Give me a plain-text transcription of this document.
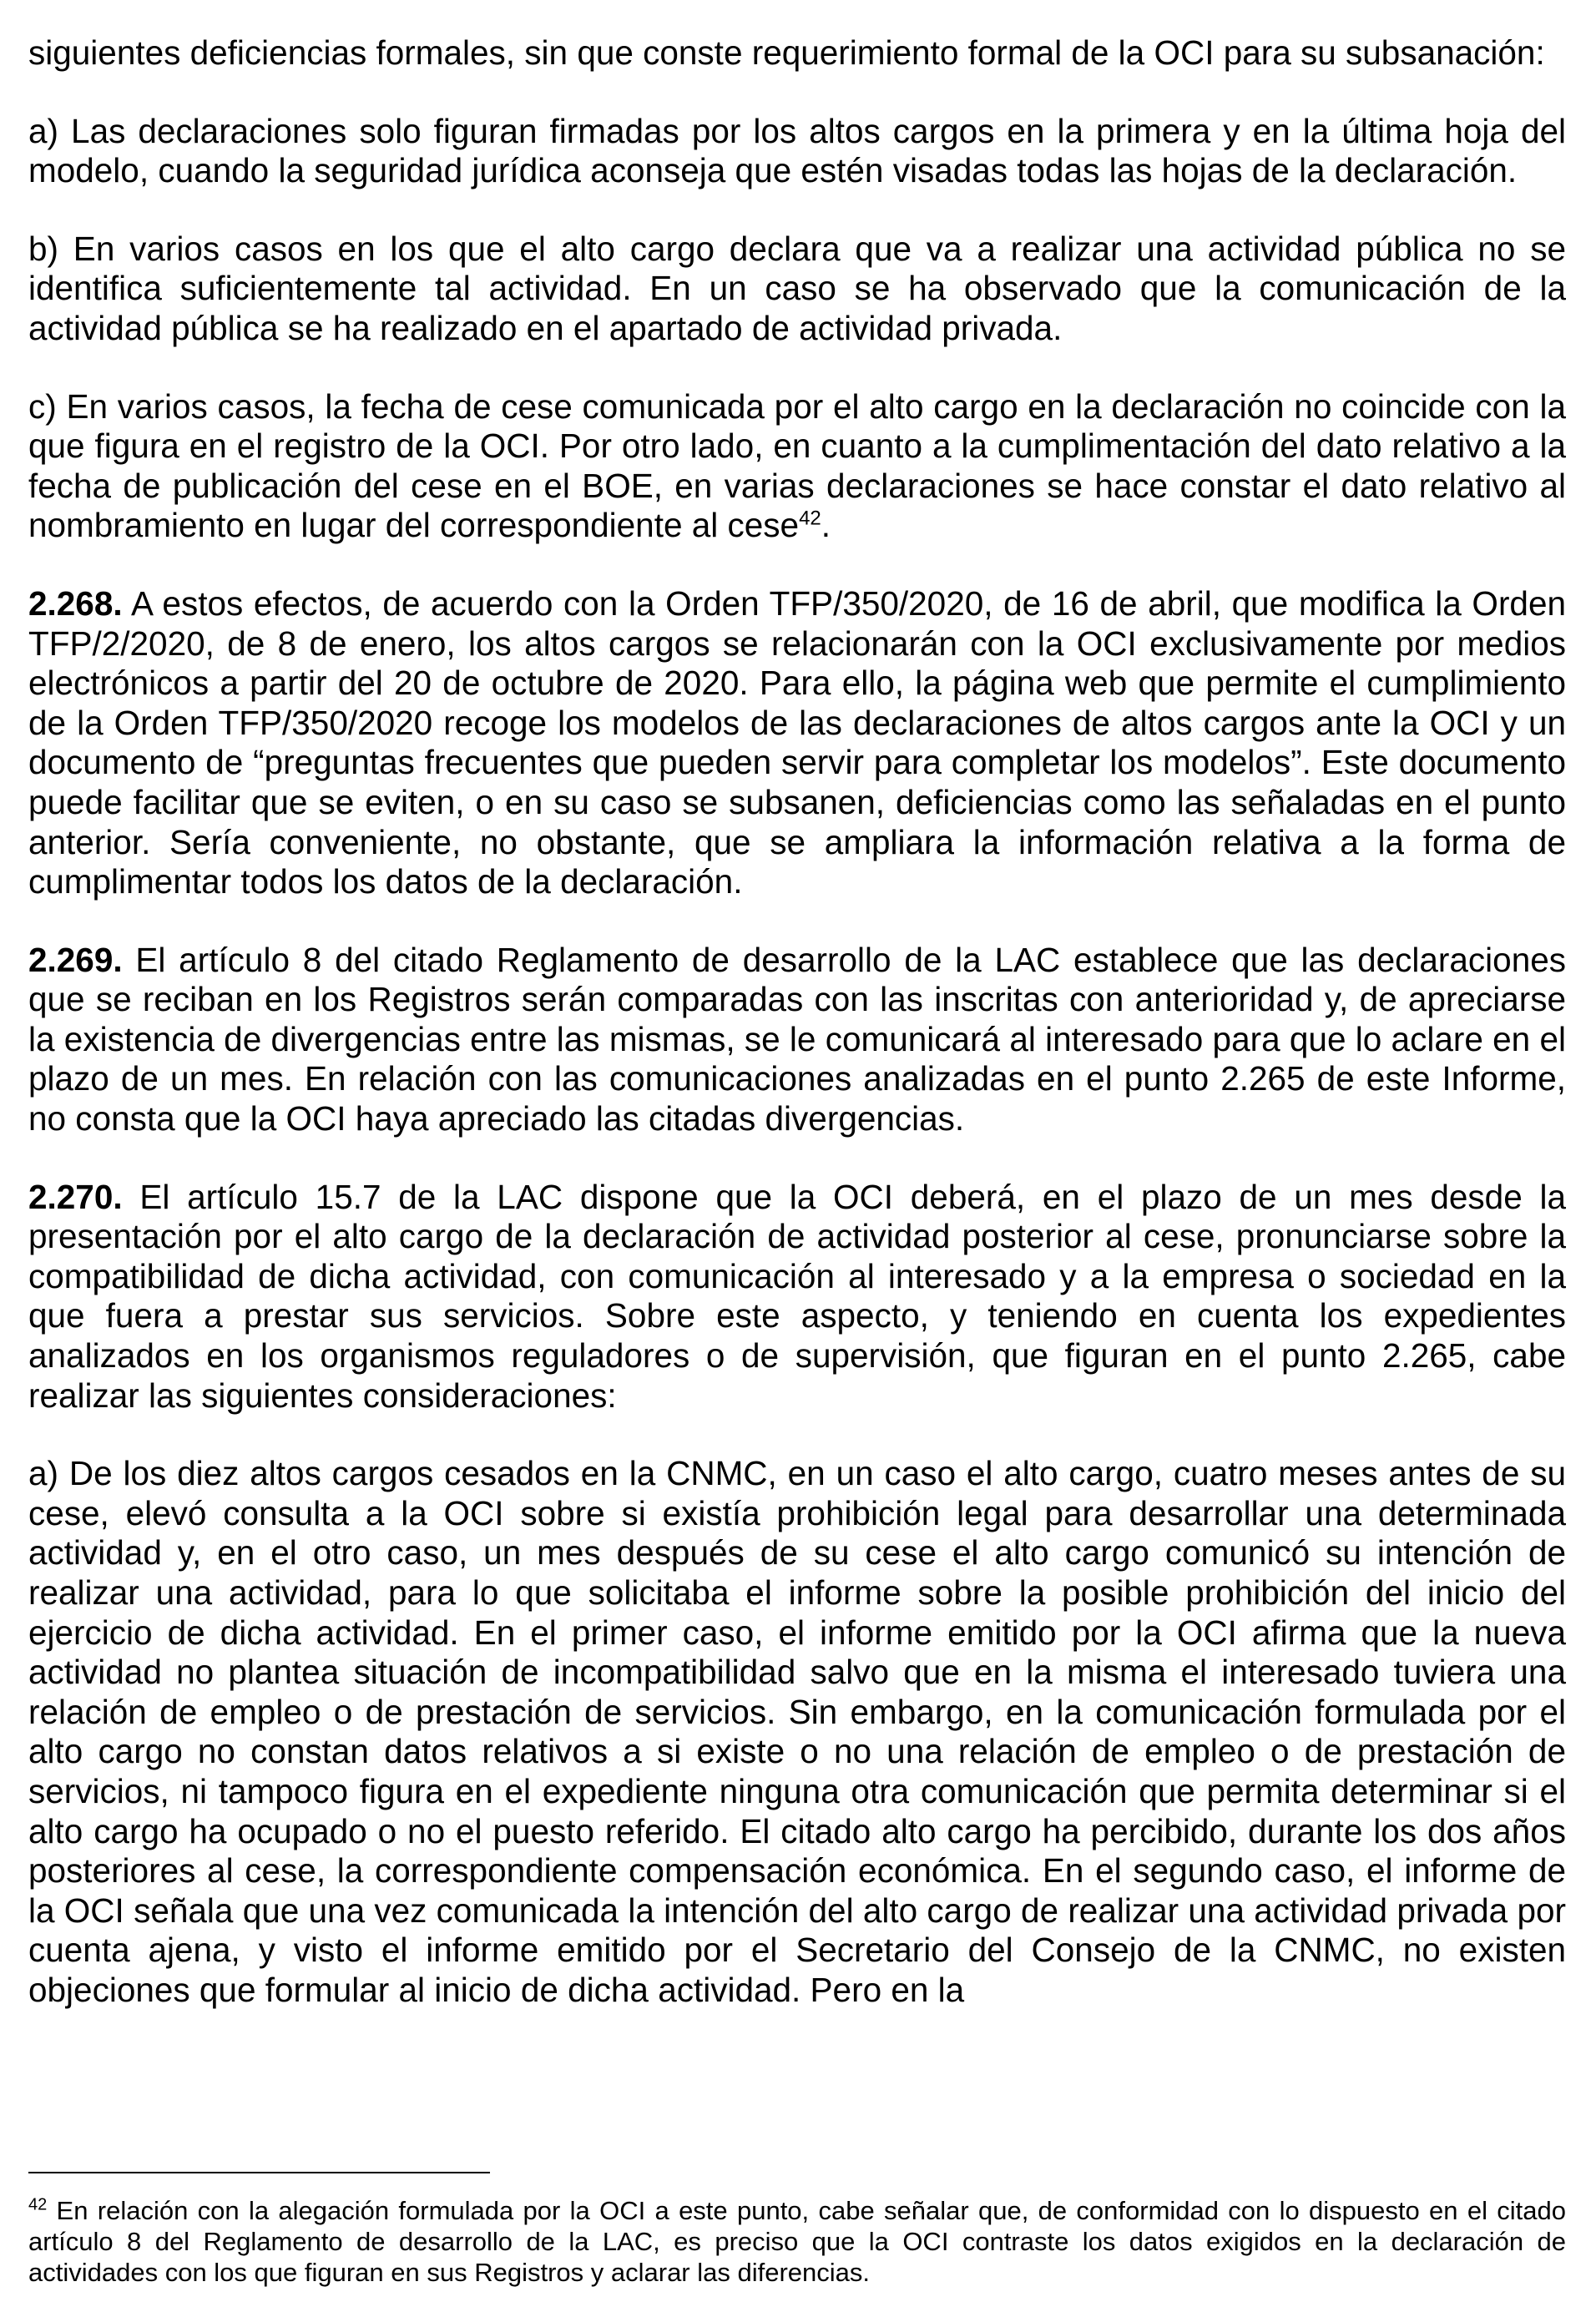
siguientes deficiencias formales, sin que conste requerimiento formal de la OCI para su subsanación:

a) Las declaraciones solo figuran firmadas por los altos cargos en la primera y en la última hoja del modelo, cuando la seguridad jurídica aconseja que estén visadas todas las hojas de la declaración.

b) En varios casos en los que el alto cargo declara que va a realizar una actividad pública no se identifica suficientemente tal actividad. En un caso se ha observado que la comunicación de la actividad pública se ha realizado en el apartado de actividad privada.

c) En varios casos, la fecha de cese comunicada por el alto cargo en la declaración no coincide con la que figura en el registro de la OCI. Por otro lado, en cuanto a la cumplimentación del dato relativo a la fecha de publicación del cese en el BOE, en varias declaraciones se hace constar el dato relativo al nombramiento en lugar del correspondiente al cese$^{42}$.

2.268. A estos efectos, de acuerdo con la Orden TFP/350/2020, de 16 de abril, que modifica la Orden TFP/2/2020, de 8 de enero, los altos cargos se relacionarán con la OCI exclusivamente por medios electrónicos a partir del 20 de octubre de 2020. Para ello, la página web que permite el cumplimiento de la Orden TFP/350/2020 recoge los modelos de las declaraciones de altos cargos ante la OCI y un documento de “preguntas frecuentes que pueden servir para completar los modelos”. Este documento puede facilitar que se eviten, o en su caso se subsanen, deficiencias como las señaladas en el punto anterior. Sería conveniente, no obstante, que se ampliara la información relativa a la forma de cumplimentar todos los datos de la declaración.

2.269. El artículo 8 del citado Reglamento de desarrollo de la LAC establece que las declaraciones que se reciban en los Registros serán comparadas con las inscritas con anterioridad y, de apreciarse la existencia de divergencias entre las mismas, se le comunicará al interesado para que lo aclare en el plazo de un mes. En relación con las comunicaciones analizadas en el punto 2.265 de este Informe, no consta que la OCI haya apreciado las citadas divergencias.

2.270. El artículo 15.7 de la LAC dispone que la OCI deberá, en el plazo de un mes desde la presentación por el alto cargo de la declaración de actividad posterior al cese, pronunciarse sobre la compatibilidad de dicha actividad, con comunicación al interesado y a la empresa o sociedad en la que fuera a prestar sus servicios. Sobre este aspecto, y teniendo en cuenta los expedientes analizados en los organismos reguladores o de supervisión, que figuran en el punto 2.265, cabe realizar las siguientes consideraciones:

a) De los diez altos cargos cesados en la CNMC, en un caso el alto cargo, cuatro meses antes de su cese, elevó consulta a la OCI sobre si existía prohibición legal para desarrollar una determinada actividad y, en el otro caso, un mes después de su cese el alto cargo comunicó su intención de realizar una actividad, para lo que solicitaba el informe sobre la posible prohibición del inicio del ejercicio de dicha actividad. En el primer caso, el informe emitido por la OCI afirma que la nueva actividad no plantea situación de incompatibilidad salvo que en la misma el interesado tuviera una relación de empleo o de prestación de servicios. Sin embargo, en la comunicación formulada por el alto cargo no constan datos relativos a si existe o no una relación de empleo o de prestación de servicios, ni tampoco figura en el expediente ninguna otra comunicación que permita determinar si el alto cargo ha ocupado o no el puesto referido. El citado alto cargo ha percibido, durante los dos años posteriores al cese, la correspondiente compensación económica. En el segundo caso, el informe de la OCI señala que una vez comunicada la intención del alto cargo de realizar una actividad privada por cuenta ajena, y visto el informe emitido por el Secretario del Consejo de la CNMC, no existen objeciones que formular al inicio de dicha actividad. Pero en la

$^{42}$ En relación con la alegación formulada por la OCI a este punto, cabe señalar que, de conformidad con lo dispuesto en el citado artículo 8 del Reglamento de desarrollo de la LAC, es preciso que la OCI contraste los datos exigidos en la declaración de actividades con los que figuran en sus Registros y aclarar las diferencias.
